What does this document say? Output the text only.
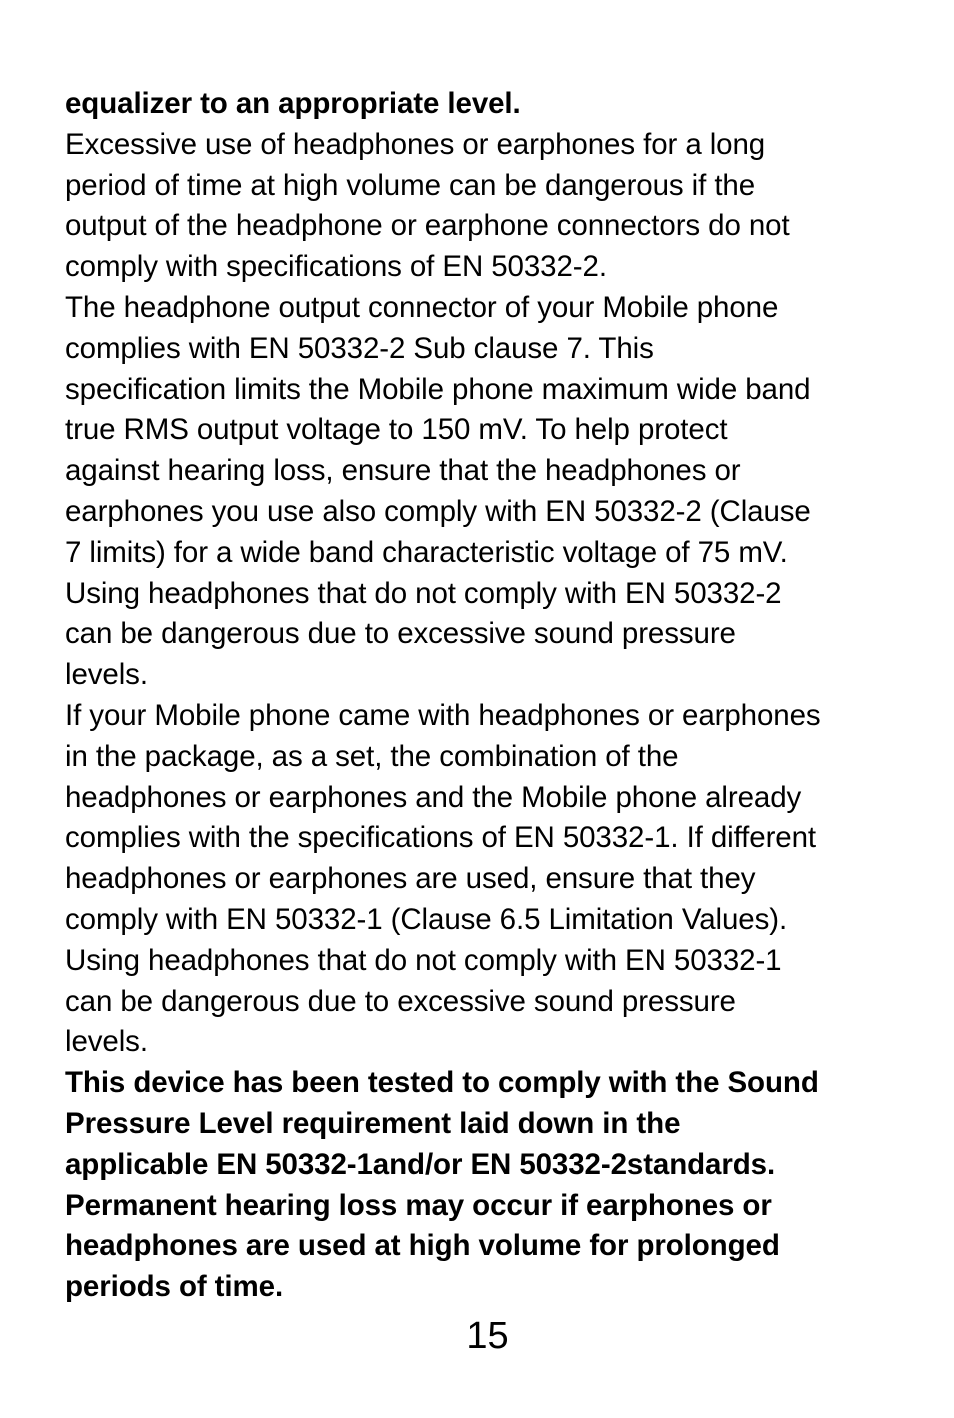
equalizer to an appropriate level.
Excessive use of headphones or earphones for a long
period of time at high volume can be dangerous if the
output of the headphone or earphone connectors do not
comply with specifications of EN 50332-2.
The headphone output connector of your Mobile phone
complies with EN 50332-2 Sub clause 7. This
specification limits the Mobile phone maximum wide band
true RMS output voltage to 150 mV. To help protect
against hearing loss, ensure that the headphones or
earphones you use also comply with EN 50332-2 (Clause
7 limits) for a wide band characteristic voltage of 75 mV.
Using headphones that do not comply with EN 50332-2
can be dangerous due to excessive sound pressure
levels.
If your Mobile phone came with headphones or earphones
in the package, as a set, the combination of the
headphones or earphones and the Mobile phone already
complies with the specifications of EN 50332-1. If different
headphones or earphones are used, ensure that they
comply with EN 50332-1 (Clause 6.5 Limitation Values).
Using headphones that do not comply with EN 50332-1
can be dangerous due to excessive sound pressure
levels.
This device has been tested to comply with the Sound
Pressure Level requirement laid down in the
applicable EN 50332-1and/or EN 50332-2standards.
Permanent hearing loss may occur if earphones or
headphones are used at high volume for prolonged
periods of time.
15
